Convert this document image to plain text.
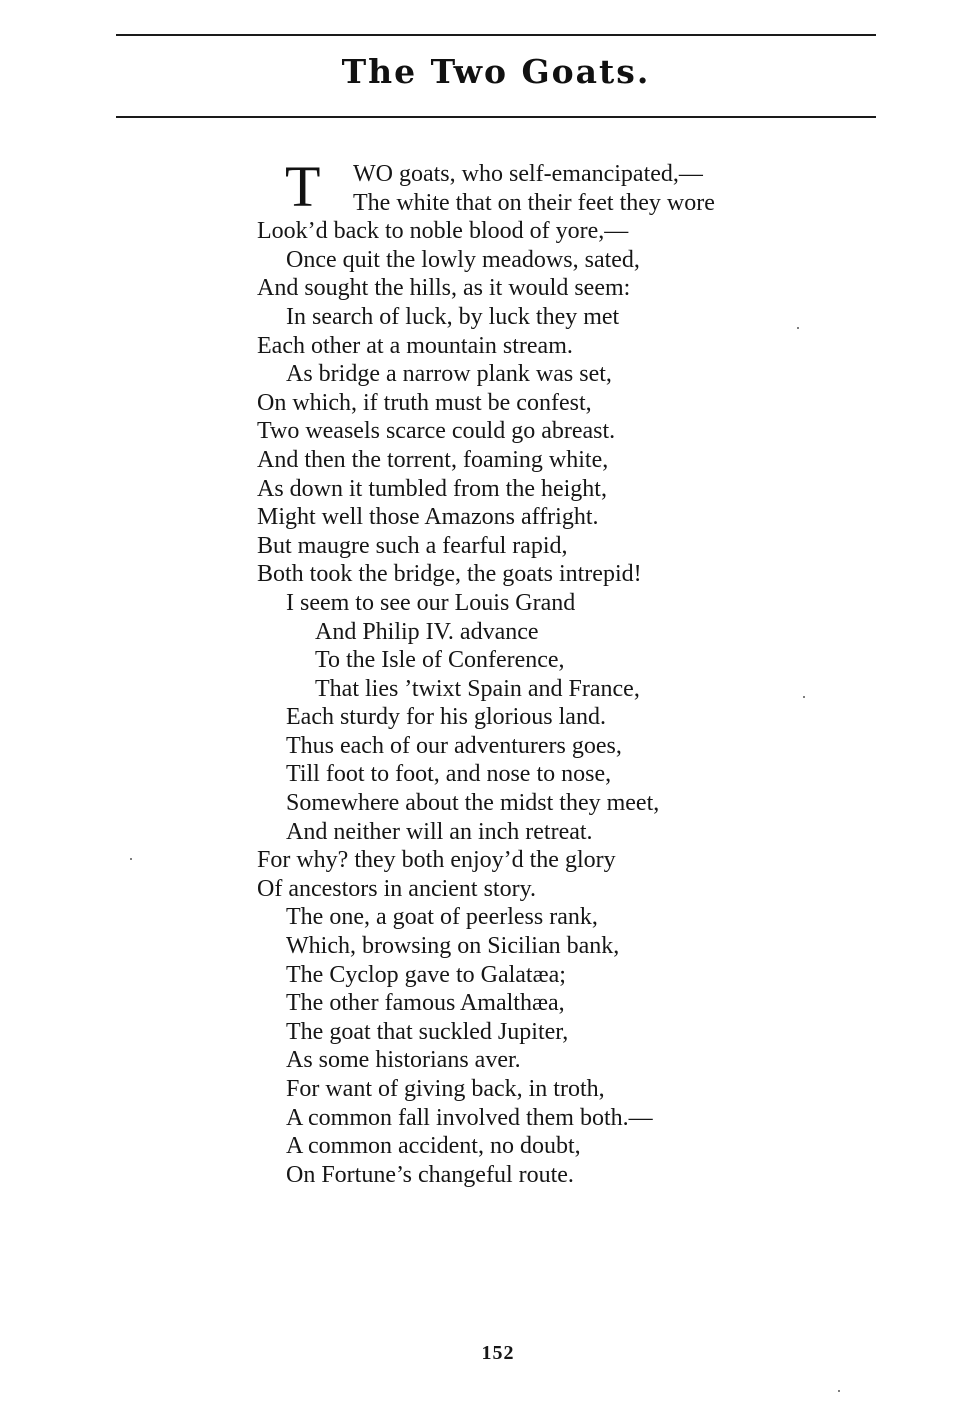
The Two Goats.
T	WO goats, who self-emancipated,—
The white that on their feet they wore
Look’d back to noble blood of yore,—
Once quit the lowly meadows, sated,
And sought the hills, as it would seem:
In search of luck, by luck they met
Each other at a mountain stream.
As bridge a narrow plank was set,
On which, if truth must be confest,
Two weasels scarce could go abreast.
And then the torrent, foaming white,
As down it tumbled from the height,
Might well those Amazons affright.
But maugre such a fearful rapid,
Both took the bridge, the goats intrepid!
I seem to see our Louis Grand
And Philip IV. advance
To the Isle of Conference,
That lies ’twixt Spain and France,
Each sturdy for his glorious land.
Thus each of our adventurers goes,
Till foot to foot, and nose to nose,
Somewhere about the midst they meet,
And neither will an inch retreat.
For why? they both enjoy’d the glory
Of ancestors in ancient story.
The one, a goat of peerless rank,
Which, browsing on Sicilian bank,
The Cyclop gave to Galatæa;
The other famous Amalthæa,
The goat that suckled Jupiter,
As some historians aver.
For want of giving back, in troth,
A common fall involved them both.—
A common accident, no doubt,
On Fortune’s changeful route.
152
